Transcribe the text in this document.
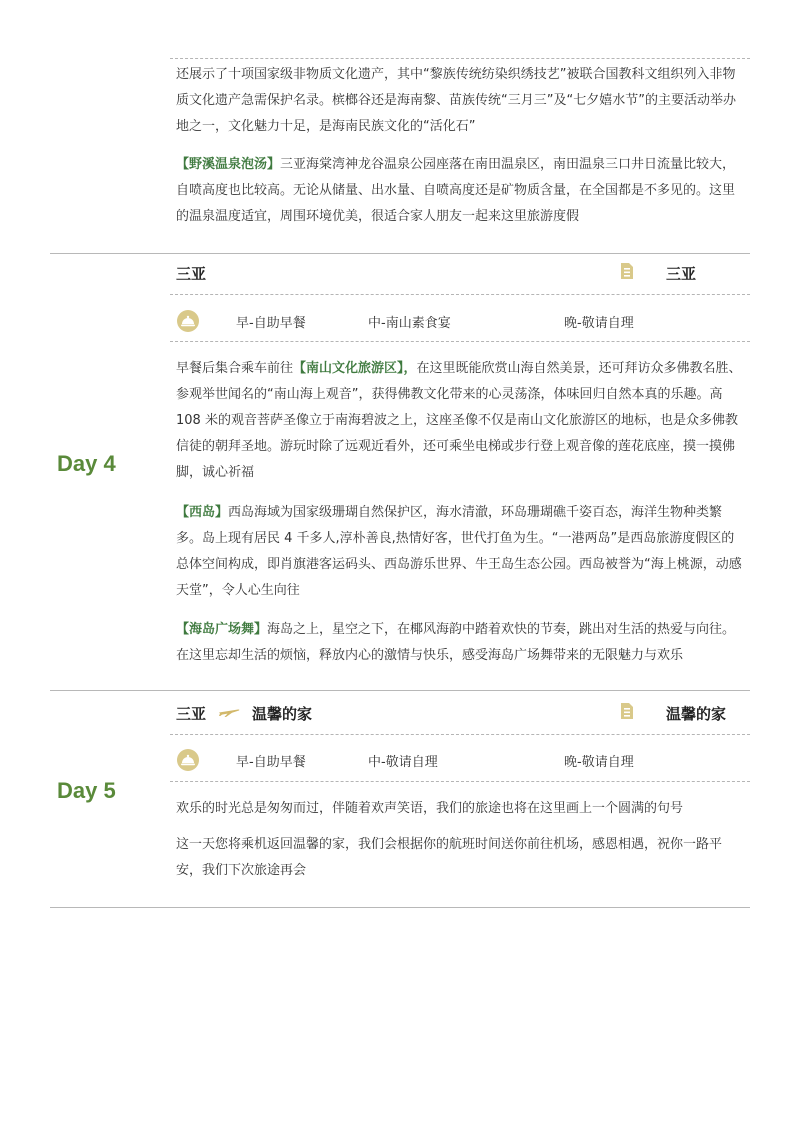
还展示了十项国家级非物质文化遗产，其中“黎族传统纺染织绣技艺”被联合国教科文组织列入非物质文化遗产急需保护名录。槟榔谷还是海南黎、苗族传统“三月三”及“七夕嬉水节”的主要活动举办地之一，文化魅力十足，是海南民族文化的“活化石”
【野溪温泉泡汤】三亚海棠湾神龙谷温泉公园座落在南田温泉区，南田温泉三口井日流量比较大，自喷高度也比较高。无论从储量、出水量、自喷高度还是矿物质含量，在全国都是不多见的。这里的温泉温度适宜，周围环境优美，很适合家人朋友一起来这里旅游度假
Day 4
三亚	三亚
早-自助早餐	中-南山素食宴	晚-敬请自理
早餐后集合乘车前往【南山文化旅游区】，在这里既能欣赏山海自然美景，还可拜访众多佛教名胜、参观举世闻名的“南山海上观音”，获得佛教文化带来的心灵荡涤，体味回归自然本真的乐趣。高 108 米的观音菩萨圣像立于南海碧波之上，这座圣像不仅是南山文化旅游区的地标，也是众多佛教信徒的朝拜圣地。游玩时除了远观近看外，还可乘坐电梯或步行登上观音像的莲花底座，摸一摸佛脚，诚心祈福
【西岛】西岛海域为国家级珊瑚自然保护区，海水清澈，环岛珊瑚礁千姿百态，海洋生物种类繁多。岛上现有居民 4 千多人,淳朴善良,热情好客，世代打鱼为生。“一港两岛”是西岛旅游度假区的总体空间构成，即肖旗港客运码头、西岛游乐世界、牛王岛生态公园。西岛被誉为“海上桃源，动感天堂”，令人心生向往
【海岛广场舞】海岛之上，星空之下，在椰风海韵中踏着欢快的节奏，跳出对生活的热爱与向往。在这里忘却生活的烦恼，释放内心的激情与快乐，感受海岛广场舞带来的无限魅力与欢乐
Day 5
三亚	温馨的家	温馨的家
早-自助早餐	中-敬请自理	晚-敬请自理
欢乐的时光总是匆匆而过，伴随着欢声笑语，我们的旅途也将在这里画上一个圆满的句号
这一天您将乘机返回温馨的家，我们会根据你的航班时间送你前往机场，感恩相遇，祝你一路平安，我们下次旅途再会
